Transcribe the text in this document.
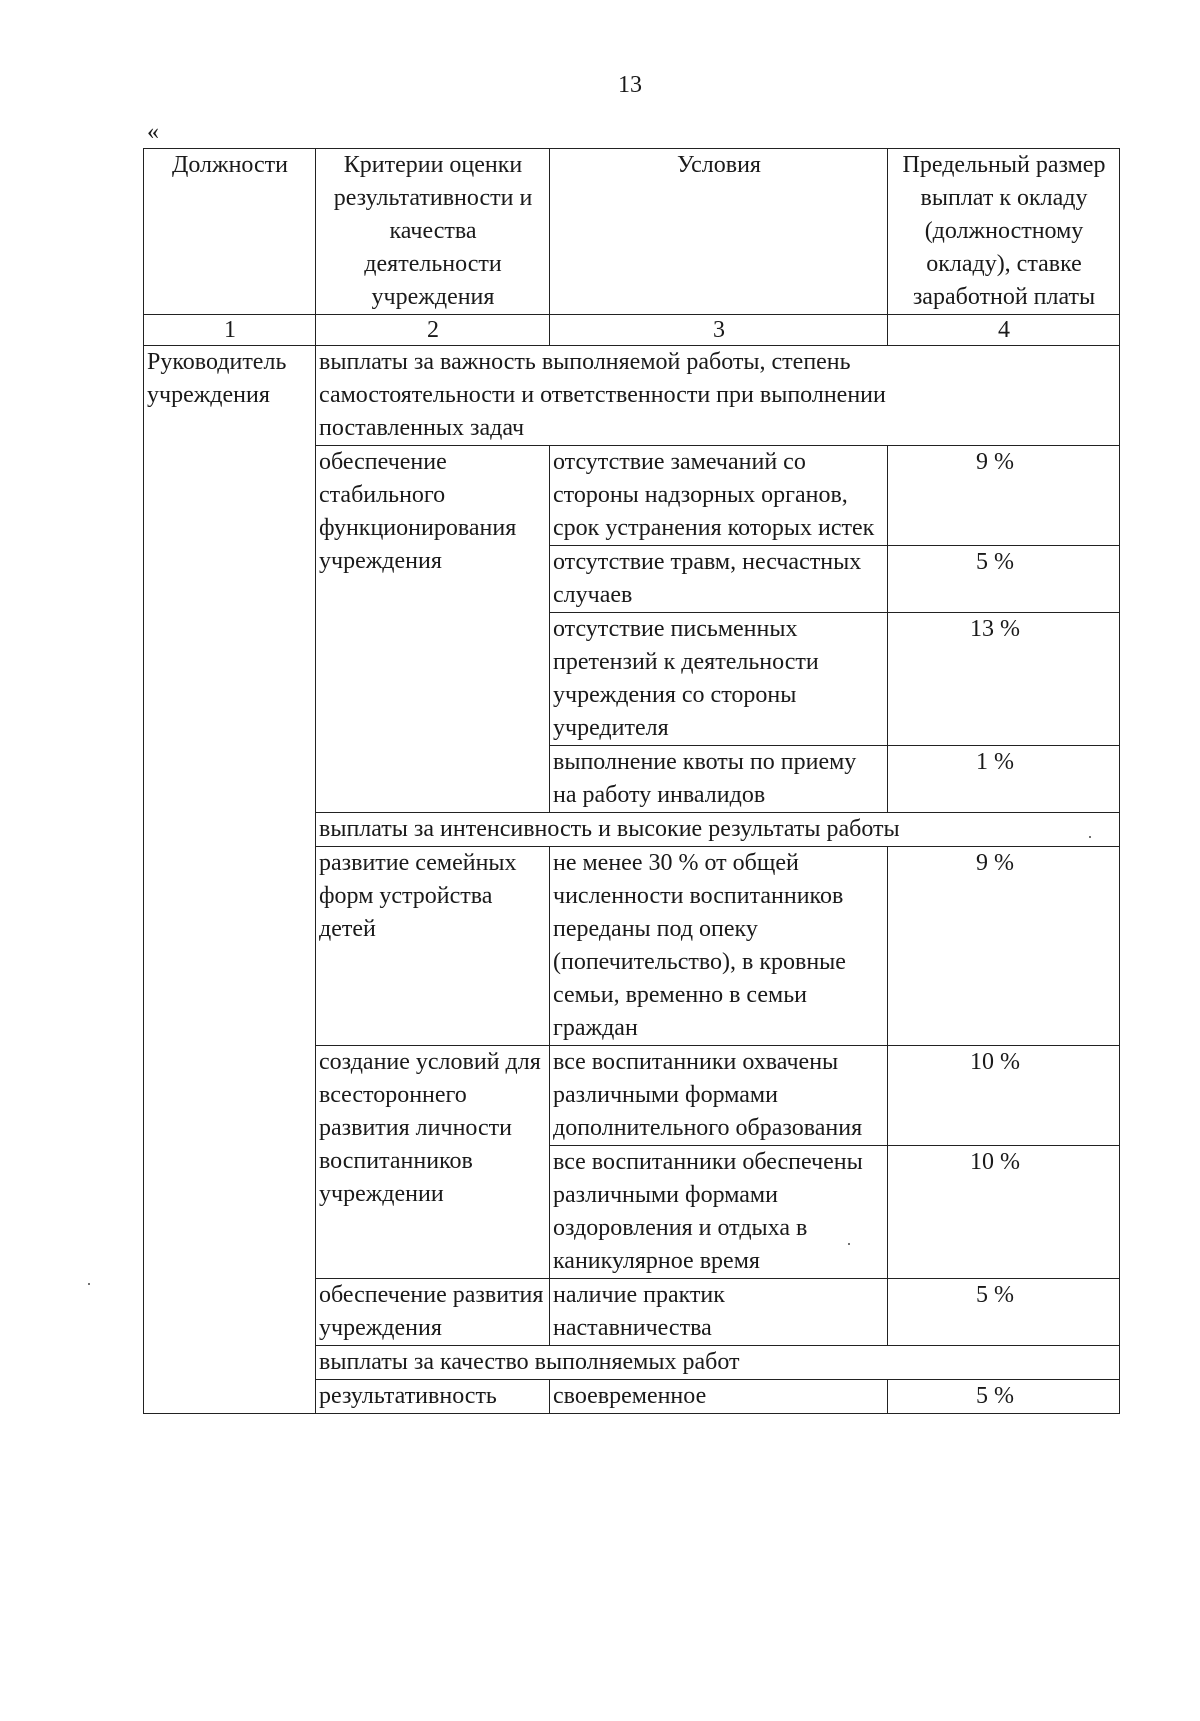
13
«
Должности	Критерии оценки результативности и качества деятельности учреждения	Условия	Предельный размер выплат к окладу (должностному окладу), ставке заработной платы
1	2	3	4
Руководитель учреждения	выплаты за важность выполняемой работы, степень самостоятельности и ответственности при выполнении поставленных задач		
	обеспечение стабильного функционирования учреждения	отсутствие замечаний со стороны надзорных органов, срок устранения которых истек	9 %
		отсутствие травм, несчастных случаев	5 %
		отсутствие письменных претензий к деятельности учреждения со стороны учредителя	13 %
		выполнение квоты по приему на работу инвалидов	1 %
	выплаты за интенсивность и высокие результаты работы		
	развитие семейных форм устройства детей	не менее 30 % от общей численности воспитанников переданы под опеку (попечительство), в кровные семьи, временно в семьи граждан	9 %
	создание условий для всестороннего развития личности воспитанников учреждении	все воспитанники охвачены различными формами дополнительного образования	10 %
		все воспитанники обеспечены различными формами оздоровления и отдыха в каникулярное время	10 %
	обеспечение развития учреждения	наличие практик наставничества	5 %
	выплаты за качество выполняемых работ		
	результативность	своевременное	5 %
